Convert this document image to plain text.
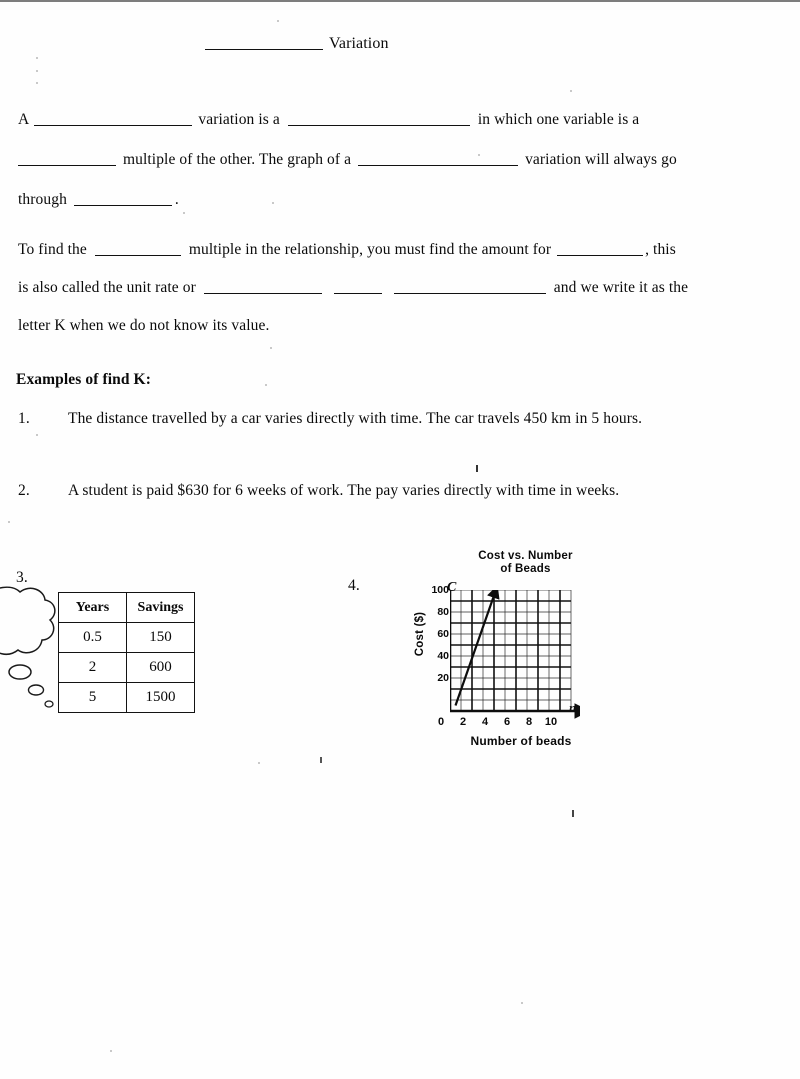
Variation
A	variation is a	in which one variable is a
multiple of the other. The graph of a	variation will always go
through	.
To find the	multiple in the relationship, you must find the amount for	, this
is also called the unit rate or	and we write it as the
letter K when we do not know its value.
Examples of find K:
1. The distance travelled by a car varies directly with time. The car travels 450 km in 5 hours.
2. A student is paid $630 for 6 weeks of work. The pay varies directly with time in weeks.
3.
Years	Savings
0.5	150
2	600
5	1500
4.
Cost vs. Number
of Beads
C
n
Cost ($)
Number of beads
100
80
60
40
20
0	2	4	6	8	10
